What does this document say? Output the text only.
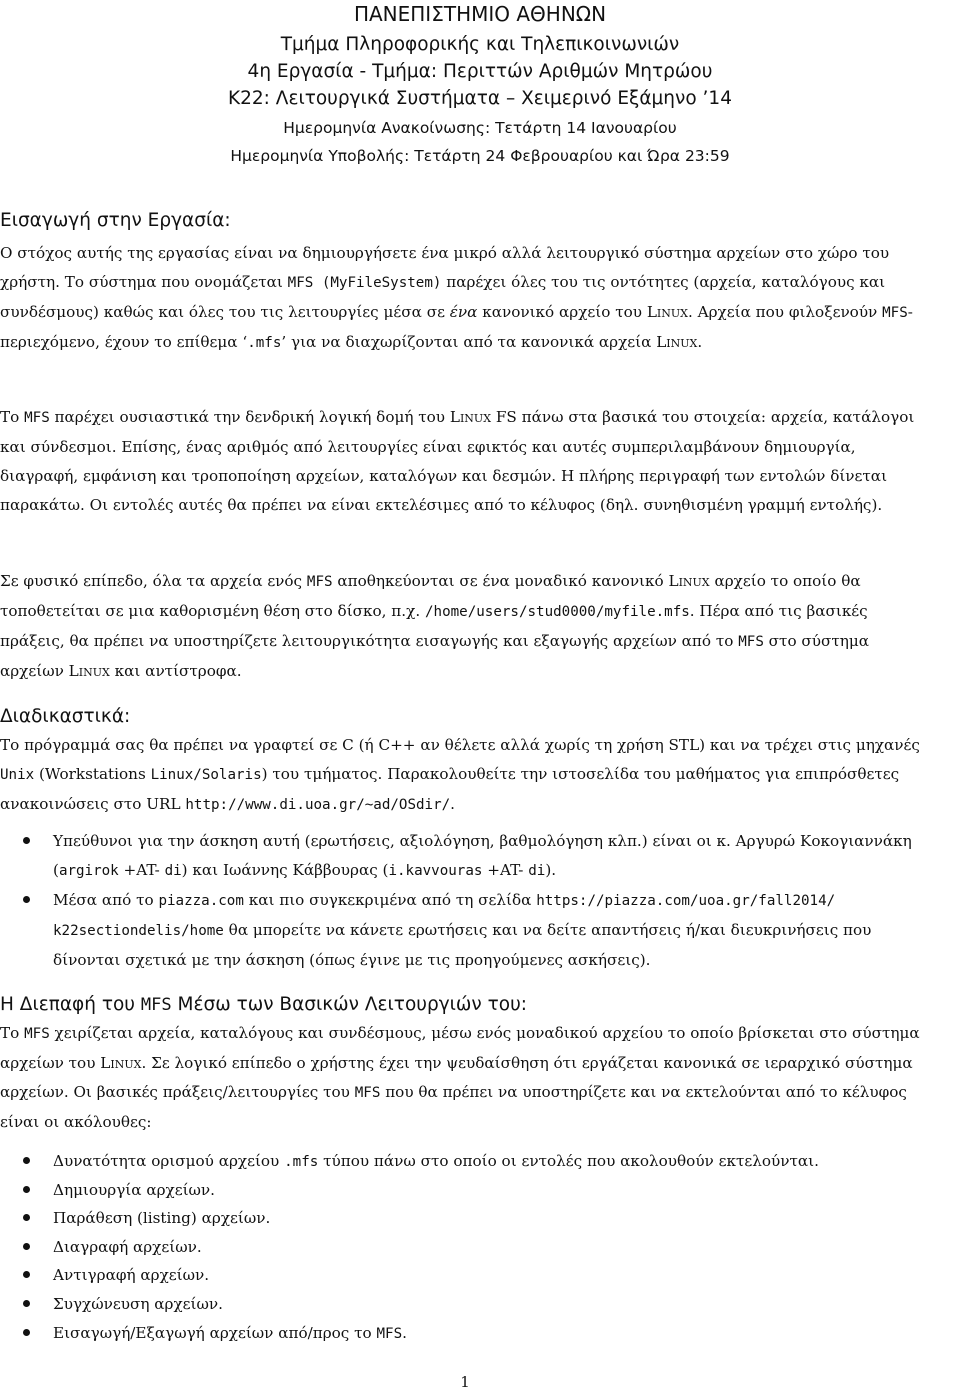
ΠΑΝΕΠΙΣΤΗΜΙΟ ΑΘΗΝΩΝ
Τμήμα Πληροφορικής και Τηλεπικοινωνιών
4η Εργασία - Τμήμα: Περιττών Αριθμών Μητρώου
Κ22: Λειτουργικά Συστήματα – Χειμερινό Εξάμηνο ’14
Ημερομηνία Ανακοίνωσης: Τετάρτη 14 Ιανουαρίου
Ημερομηνία Υποβολής: Τετάρτη 24 Φεβρουαρίου και Ώρα 23:59
Εισαγωγή στην Εργασία:
Ο στόχος αυτής της εργασίας είναι να δημιουργήσετε ένα μικρό αλλά λειτουργικό σύστημα αρχείων στο χώρο του χρήστη. Το σύστημα που ονομάζεται MFS (MyFileSystem) παρέχει όλες του τις οντότητες (αρχεία, καταλόγους και συνδέσμους) καθώς και όλες του τις λειτουργίες μέσα σε ένα κανονικό αρχείο του Linux. Αρχεία που φιλοξενούν MFS-περιεχόμενο, έχουν το επίθεμα ‘.mfs’ για να διαχωρίζονται από τα κανονικά αρχεία Linux.
Το MFS παρέχει ουσιαστικά την δενδρική λογική δομή του Linux FS πάνω στα βασικά του στοιχεία: αρχεία, κατάλογοι και σύνδεσμοι. Επίσης, ένας αριθμός από λειτουργίες είναι εφικτός και αυτές συμπεριλαμβάνουν δημιουργία, διαγραφή, εμφάνιση και τροποποίηση αρχείων, καταλόγων και δεσμών. Η πλήρης περιγραφή των εντολών δίνεται παρακάτω. Οι εντολές αυτές θα πρέπει να είναι εκτελέσιμες από το κέλυφος (δηλ. συνηθισμένη γραμμή εντολής).
Σε φυσικό επίπεδο, όλα τα αρχεία ενός MFS αποθηκεύονται σε ένα μοναδικό κανονικό Linux αρχείο το οποίο θα τοποθετείται σε μια καθορισμένη θέση στο δίσκο, π.χ. /home/users/stud0000/myfile.mfs. Πέρα από τις βασικές πράξεις, θα πρέπει να υποστηρίζετε λειτουργικότητα εισαγωγής και εξαγωγής αρχείων από το MFS στο σύστημα αρχείων Linux και αντίστροφα.
Διαδικαστικά:
Το πρόγραμμά σας θα πρέπει να γραφτεί σε C (ή C++ αν θέλετε αλλά χωρίς τη χρήση STL) και να τρέχει στις μηχανές Unix (Workstations Linux/Solaris) του τμήματος. Παρακολουθείτε την ιστοσελίδα του μαθήματος για επιπρόσθετες ανακοινώσεις στο URL http://www.di.uoa.gr/~ad/OSdir/.
Υπεύθυνοι για την άσκηση αυτή (ερωτήσεις, αξιολόγηση, βαθμολόγηση κλπ.) είναι οι κ. Αργυρώ Κοκογιαννάκη (argirok +AT- di) και Ιωάννης Κάββουρας (i.kavvouras +AT- di).
Μέσα από το piazza.com και πιο συγκεκριμένα από τη σελίδα https://piazza.com/uoa.gr/fall2014/
k22sectiondelis/home θα μπορείτε να κάνετε ερωτήσεις και να δείτε απαντήσεις ή/και διευκρινήσεις που δίνονται σχετικά με την άσκηση (όπως έγινε με τις προηγούμενες ασκήσεις).
Η Διεπαφή του MFS Μέσω των Βασικών Λειτουργιών του:
Το MFS χειρίζεται αρχεία, καταλόγους και συνδέσμους, μέσω ενός μοναδικού αρχείου το οποίο βρίσκεται στο σύστημα αρχείων του Linux. Σε λογικό επίπεδο ο χρήστης έχει την ψευδαίσθηση ότι εργάζεται κανονικά σε ιεραρχικό σύστημα αρχείων. Οι βασικές πράξεις/λειτουργίες του MFS που θα πρέπει να υποστηρίζετε και να εκτελούνται από το κέλυφος είναι οι ακόλουθες:
Δυνατότητα ορισμού αρχείου .mfs τύπου πάνω στο οποίο οι εντολές που ακολουθούν εκτελούνται.
Δημιουργία αρχείων.
Παράθεση (listing) αρχείων.
Διαγραφή αρχείων.
Αντιγραφή αρχείων.
Συγχώνευση αρχείων.
Εισαγωγή/Εξαγωγή αρχείων από/προς το MFS.
1
